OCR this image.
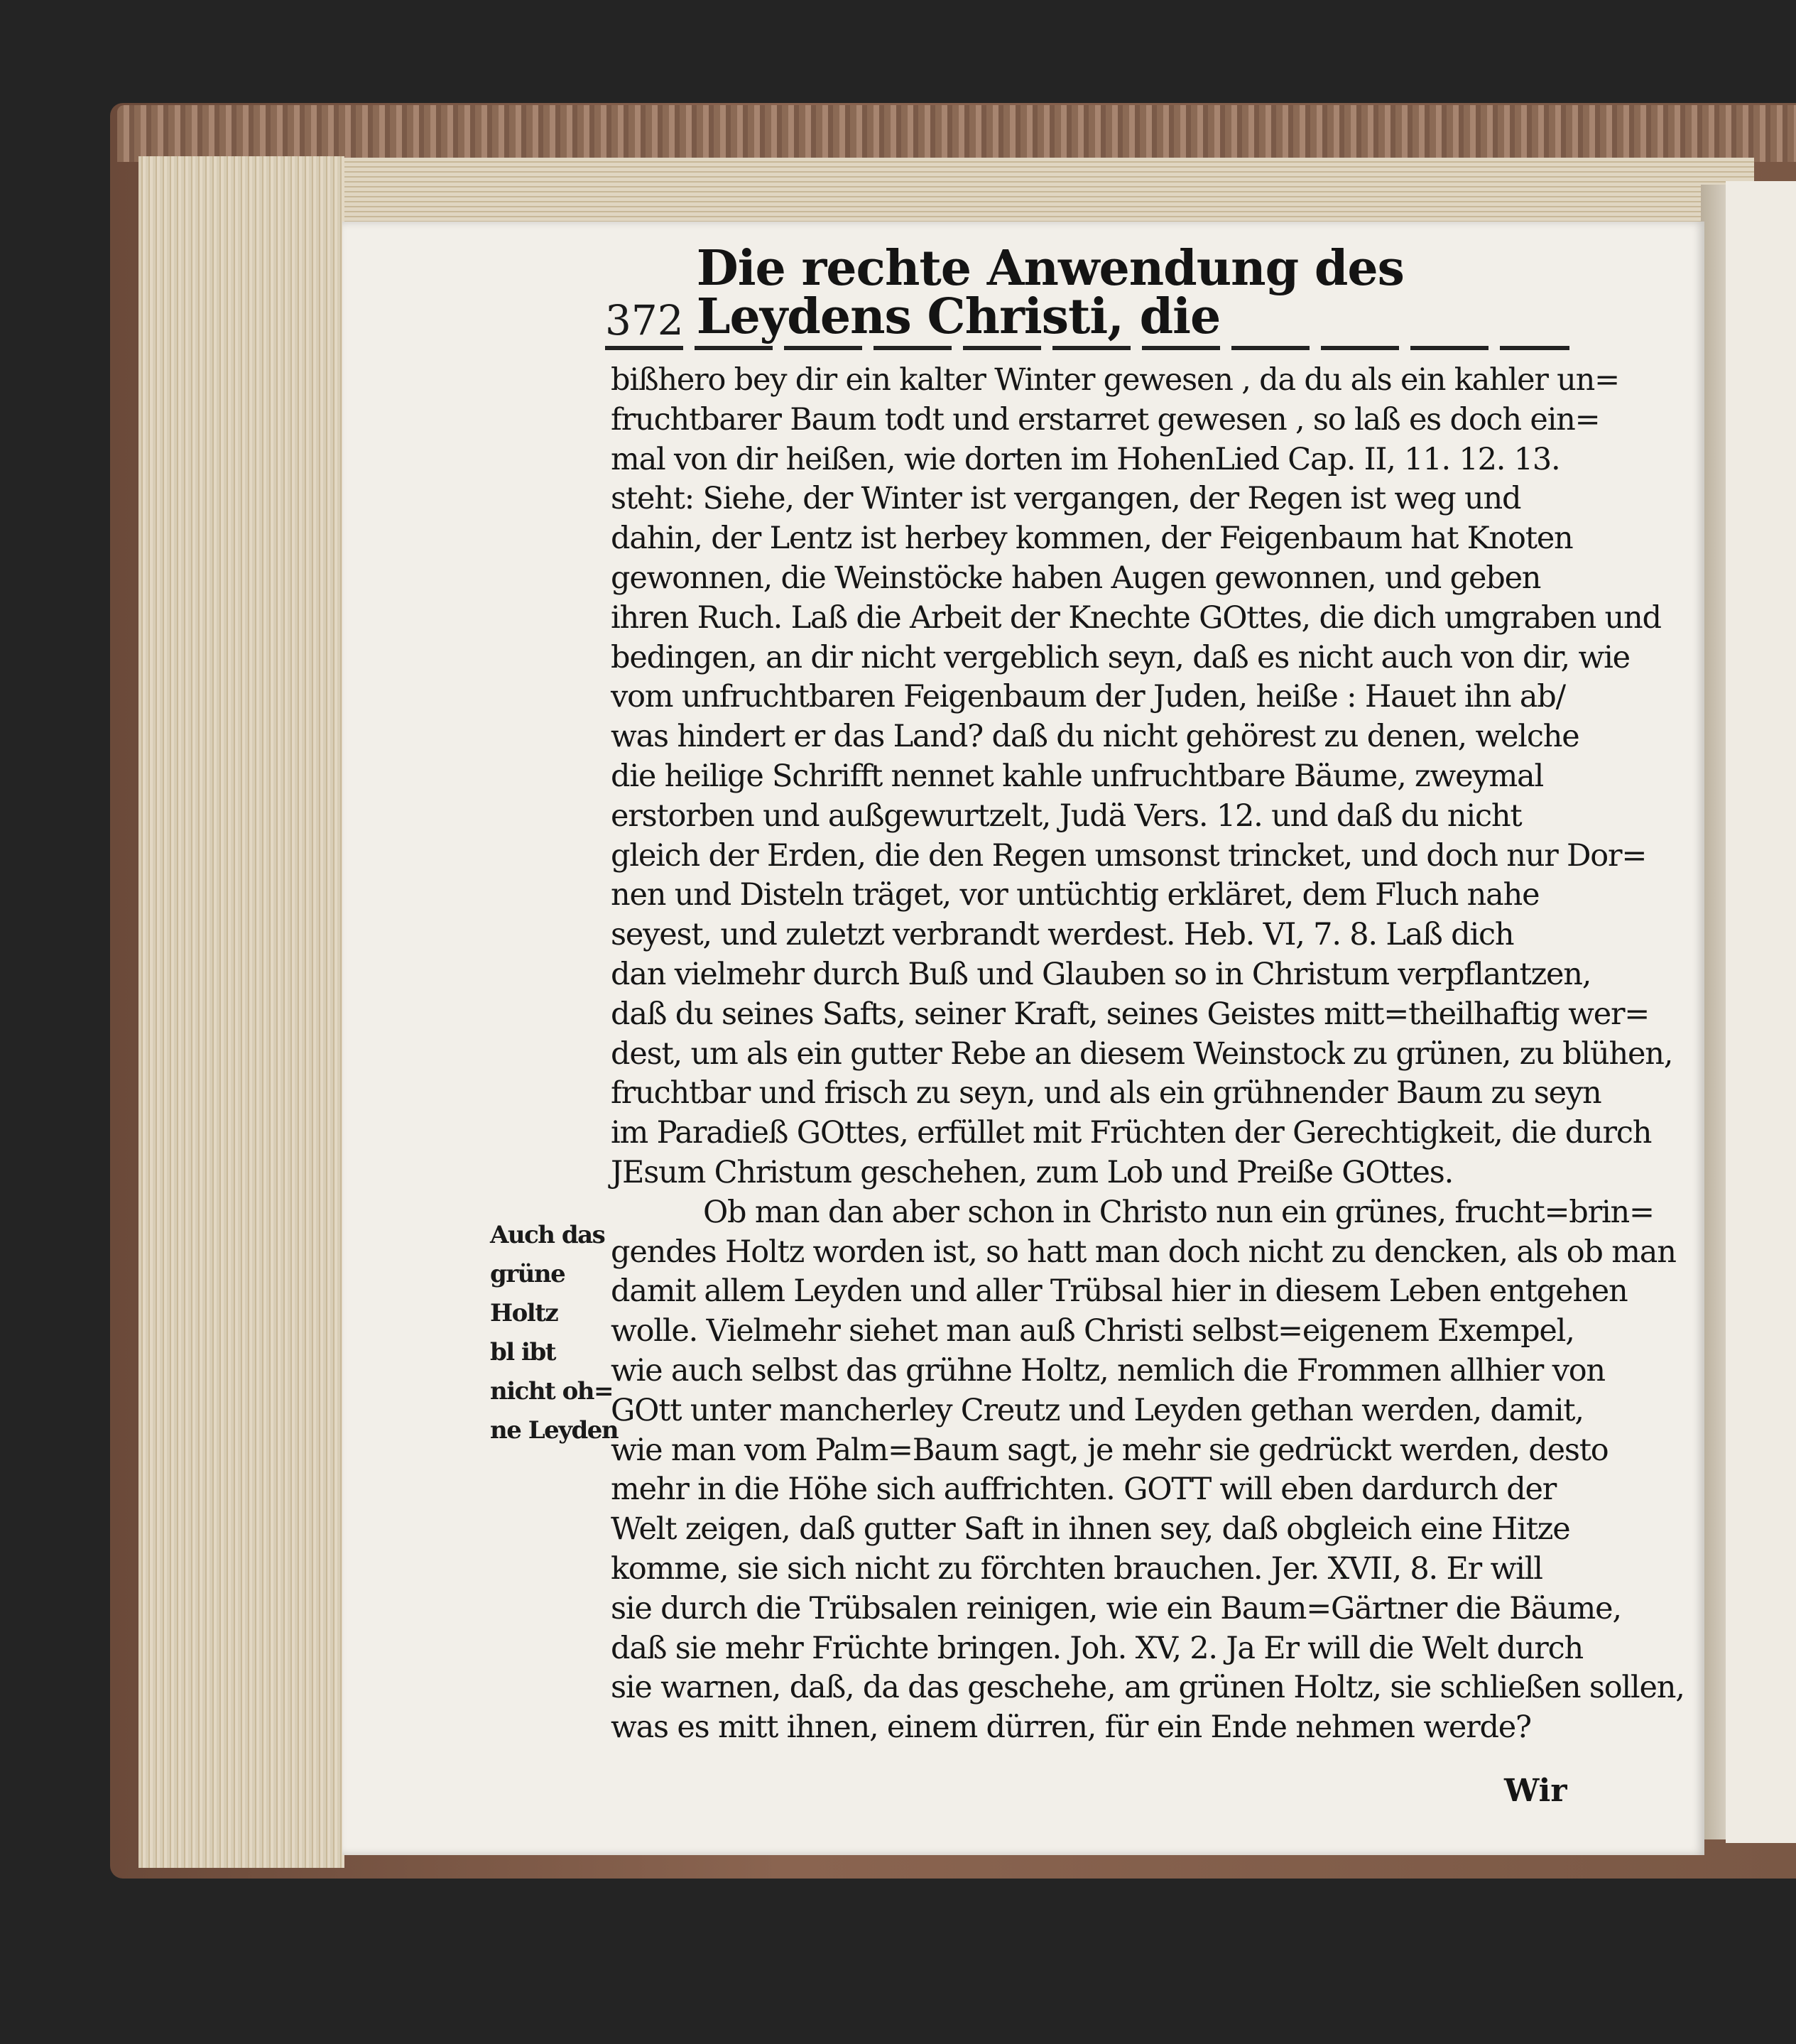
372
Die rechte Anwendung des Leydens Christi, die
bißhero bey dir ein kalter Winter gewesen , da du als ein kahler un=
fruchtbarer Baum todt und erstarret gewesen , so laß es doch ein=
mal von dir heißen, wie dorten im HohenLied Cap. II, 11. 12. 13.
steht: Siehe, der Winter ist vergangen, der Regen ist weg und
dahin, der Lentz ist herbey kommen, der Feigenbaum hat Knoten
gewonnen, die Weinstöcke haben Augen gewonnen, und geben
ihren Ruch. Laß die Arbeit der Knechte GOttes, die dich umgraben und
bedingen, an dir nicht vergeblich seyn, daß es nicht auch von dir, wie
vom unfruchtbaren Feigenbaum der Juden, heiße : Hauet ihn ab/
was hindert er das Land? daß du nicht gehörest zu denen, welche
die heilige Schrifft nennet kahle unfruchtbare Bäume, zweymal
erstorben und außgewurtzelt, Judä Vers. 12. und daß du nicht
gleich der Erden, die den Regen umsonst trincket, und doch nur Dor=
nen und Disteln träget, vor untüchtig erkläret, dem Fluch nahe
seyest, und zuletzt verbrandt werdest. Heb. VI, 7. 8. Laß dich
dan vielmehr durch Buß und Glauben so in Christum verpflantzen,
daß du seines Safts, seiner Kraft, seines Geistes mitt=theilhaftig wer=
dest, um als ein gutter Rebe an diesem Weinstock zu grünen, zu blühen,
fruchtbar und frisch zu seyn, und als ein grühnender Baum zu seyn
im Paradieß GOttes, erfüllet mit Früchten der Gerechtigkeit, die durch
JEsum Christum geschehen, zum Lob und Preiße GOttes.
Ob man dan aber schon in Christo nun ein grünes, frucht=brin=
gendes Holtz worden ist, so hatt man doch nicht zu dencken, als ob man
damit allem Leyden und aller Trübsal hier in diesem Leben entgehen
wolle. Vielmehr siehet man auß Christi selbst=eigenem Exempel,
wie auch selbst das grühne Holtz, nemlich die Frommen allhier von
GOtt unter mancherley Creutz und Leyden gethan werden, damit,
wie man vom Palm=Baum sagt, je mehr sie gedrückt werden, desto
mehr in die Höhe sich auffrichten. GOTT will eben dardurch der
Welt zeigen, daß gutter Saft in ihnen sey, daß obgleich eine Hitze
komme, sie sich nicht zu förchten brauchen. Jer. XVII, 8. Er will
sie durch die Trübsalen reinigen, wie ein Baum=Gärtner die Bäume,
daß sie mehr Früchte bringen. Joh. XV, 2. Ja Er will die Welt durch
sie warnen, daß, da das geschehe, am grünen Holtz, sie schließen sollen,
was es mitt ihnen, einem dürren, für ein Ende nehmen werde?
Auch das
grüne
Holtz
bl ibt
nicht oh=
ne Leyden
Wir
